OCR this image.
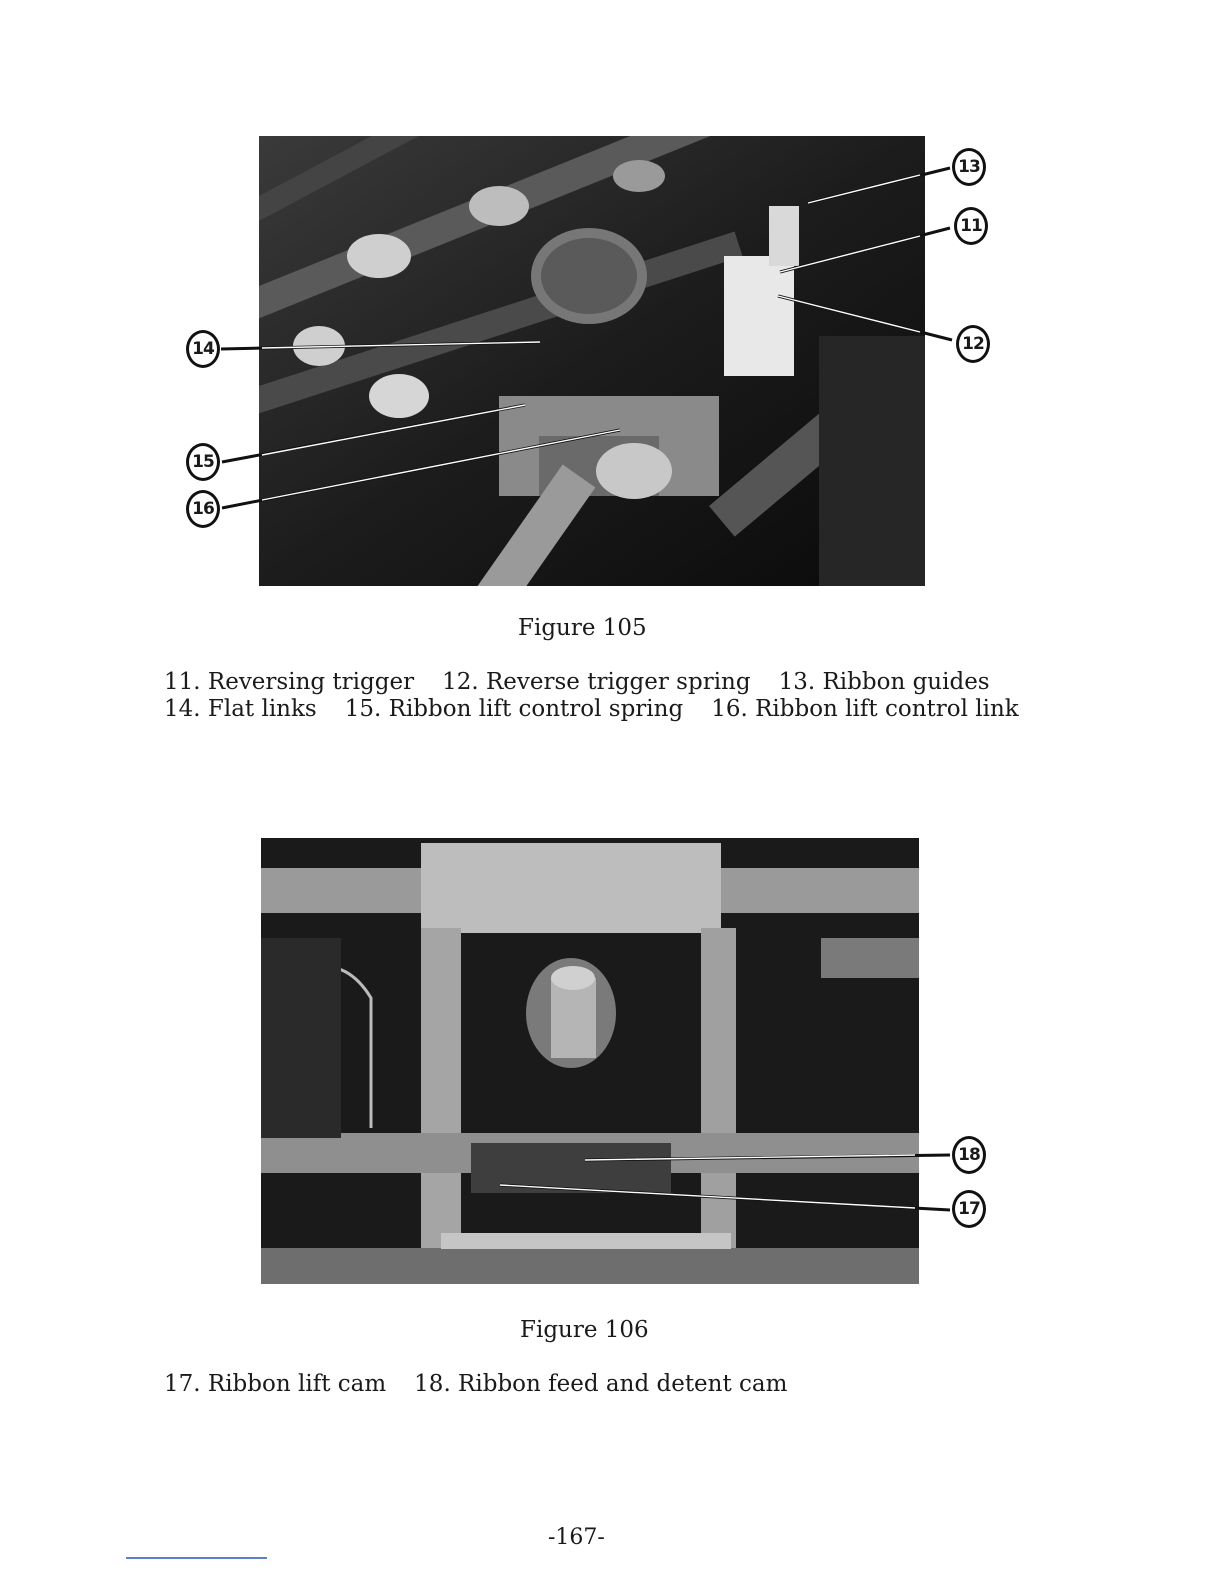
13
11
12
14
15
16
18
17
Figure 105
11. Reversing trigger 12. Reverse trigger spring 13. Ribbon guides
14. Flat links 15. Ribbon lift control spring 16. Ribbon lift control link
Figure 106
17. Ribbon lift cam 18. Ribbon feed and detent cam
-167-
